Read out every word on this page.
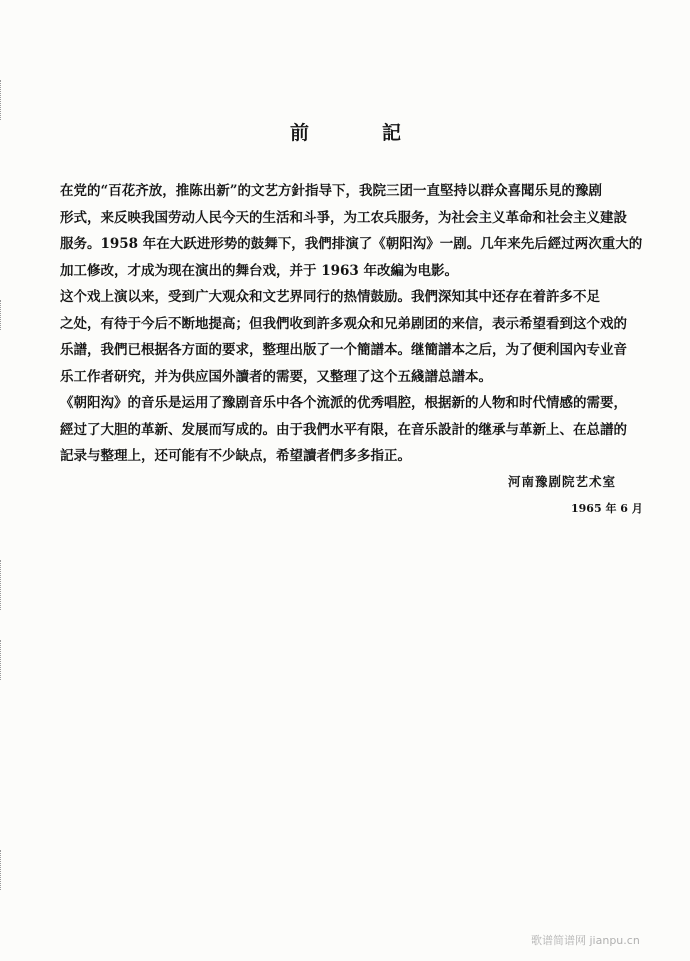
前	記
在党的“百花齐放，推陈出新”的文艺方針指导下，我院三团一直堅持以群众喜聞乐見的豫剧
形式，来反映我国劳动人民今天的生活和斗爭，为工农兵服务，为社会主义革命和社会主义建設
服务。1958 年在大跃进形势的鼓舞下，我們排演了《朝阳沟》一剧。几年来先后經过两次重大的
加工修改，才成为现在演出的舞台戏，并于 1963 年改編为电影。
这个戏上演以来，受到广大观众和文艺界同行的热情鼓励。我們深知其中还存在着許多不足
之处，有待于今后不断地提高；但我們收到許多观众和兄弟剧团的来信，表示希望看到这个戏的
乐譜，我們已根据各方面的要求，整理出版了一个簡譜本。继簡譜本之后，为了便利国內专业音
乐工作者研究，并为供应国外讀者的需要，又整理了这个五綫譜总譜本。
《朝阳沟》的音乐是运用了豫剧音乐中各个流派的优秀唱腔，根据新的人物和时代情感的需要，
經过了大胆的革新、发展而写成的。由于我們水平有限，在音乐設計的继承与革新上、在总譜的
記录与整理上，还可能有不少缺点，希望讀者們多多指正。
河南豫剧院艺术室
1965 年 6 月
歌谱简谱网 jianpu.cn
